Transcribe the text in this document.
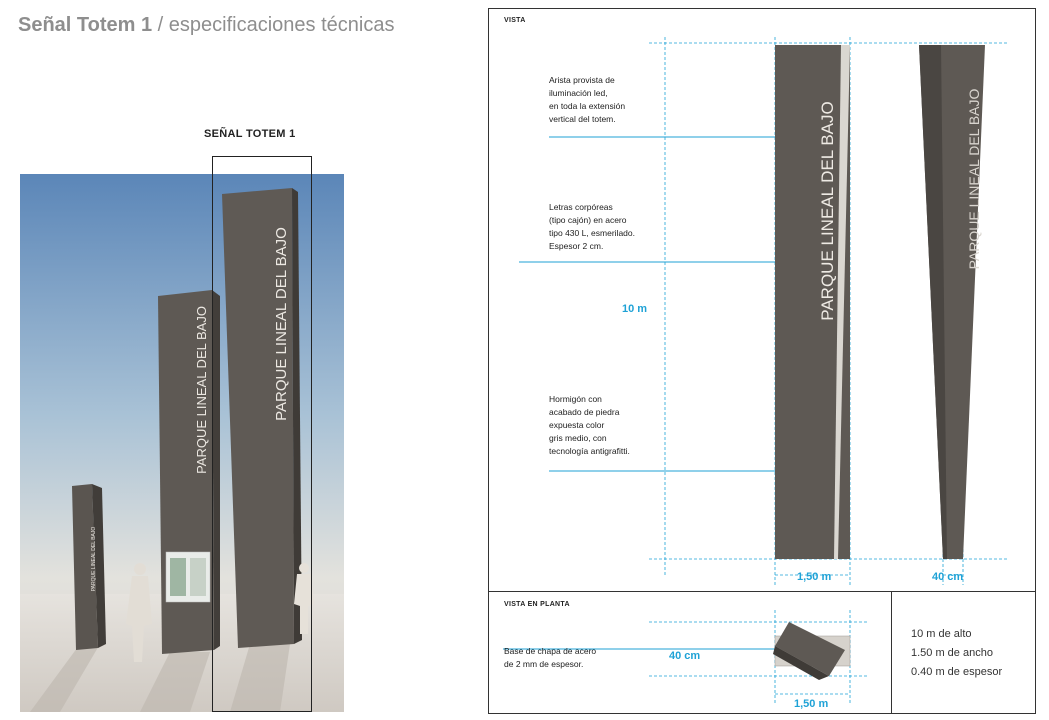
Señal Totem 1 / especificaciones técnicas
SEÑAL TOTEM 1
PARQUE LINEAL DEL BAJO
PARQUE LINEAL DEL BAJO	PARQUE LINEAL DEL BAJO
VISTA
PARQUE LINEAL DEL BAJO	PARQUE LINEAL DEL BAJO
Arista provista de
iluminación led,
en toda la extensión
vertical del totem.
Letras corpóreas
(tipo cajón) en acero
tipo 430 L, esmerilado.
Espesor 2 cm.
Hormigón con
acabado de piedra
expuesta color
gris medio, con
tecnología antigrafitti.
10 m
1,50 m	40 cm
VISTA EN PLANTA
Base de chapa de acero
de 2 mm de espesor.
40 cm
1,50 m
10 m de alto
1.50 m de ancho
0.40 m de espesor
